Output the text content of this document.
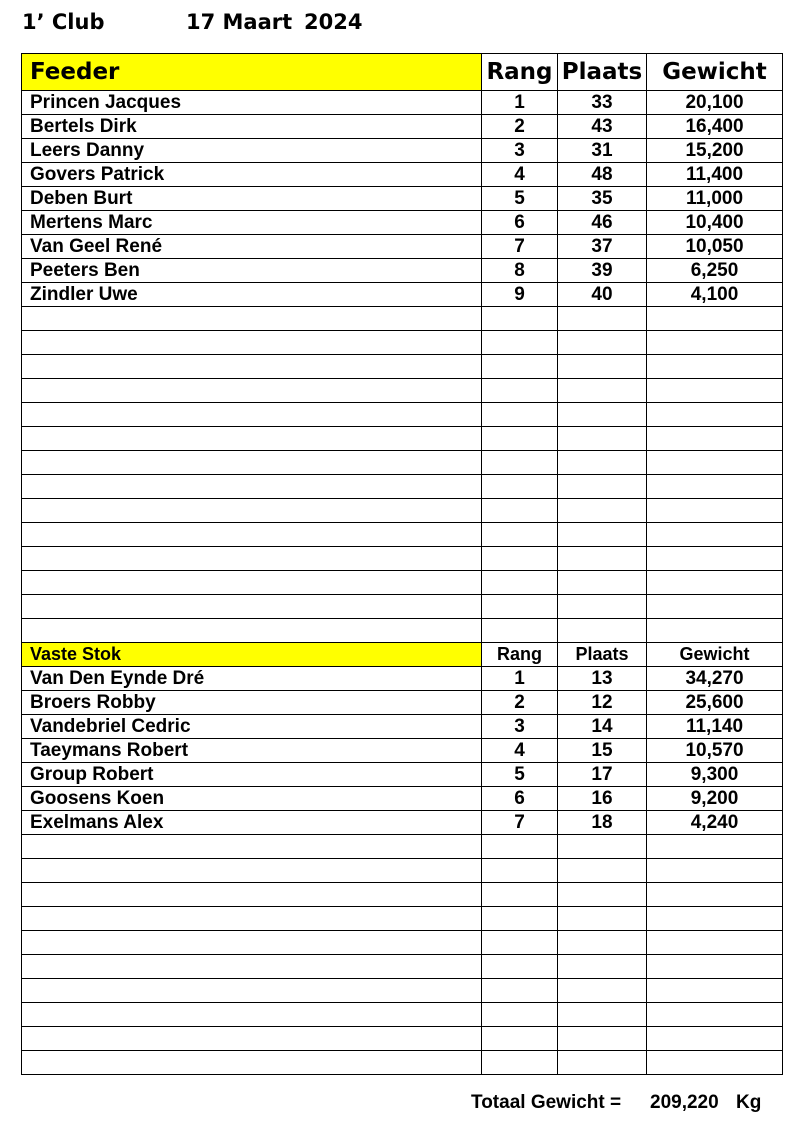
1’ Club	17 Maart 2024
Feeder	Rang	Plaats	Gewicht
Princen Jacques	1	33	20,100
Bertels Dirk	2	43	16,400
Leers Danny	3	31	15,200
Govers Patrick	4	48	11,400
Deben Burt	5	35	11,000
Mertens Marc	6	46	10,400
Van Geel René	7	37	10,050
Peeters Ben	8	39	6,250
Zindler Uwe	9	40	4,100

Vaste Stok	Rang	Plaats	Gewicht
Van Den Eynde Dré	1	13	34,270
Broers Robby	2	12	25,600
Vandebriel Cedric	3	14	11,140
Taeymans Robert	4	15	10,570
Group Robert	5	17	9,300
Goosens Koen	6	16	9,200
Exelmans Alex	7	18	4,240

Totaal Gewicht = 209,220 Kg
